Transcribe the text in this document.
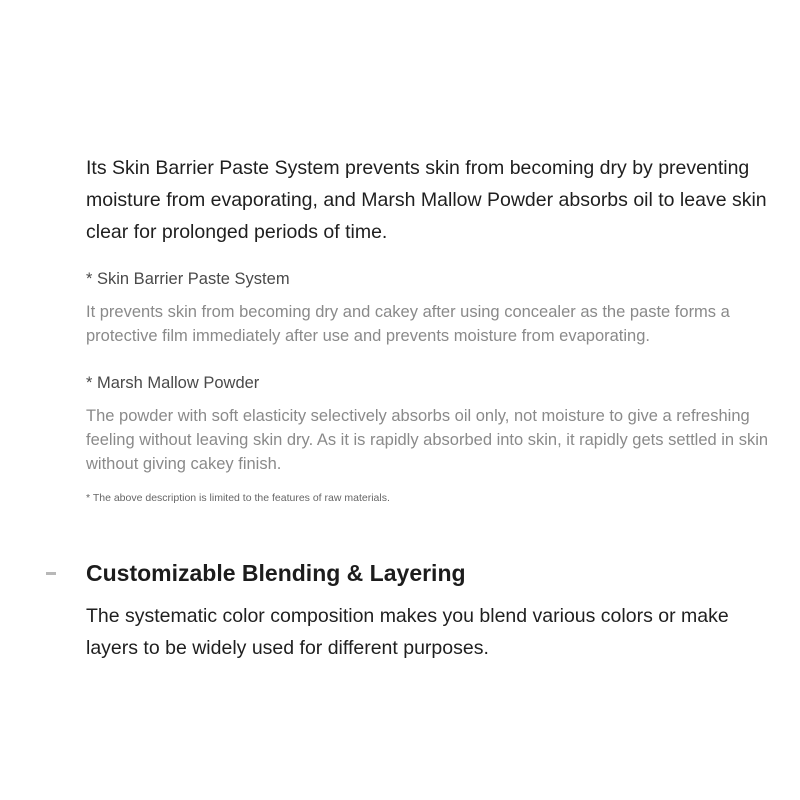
Its Skin Barrier Paste System prevents skin from becoming dry by preventing moisture from evaporating, and Marsh Mallow Powder absorbs oil to leave skin clear for prolonged periods of time.

* Skin Barrier Paste System

It prevents skin from becoming dry and cakey after using concealer as the paste forms a protective film immediately after use and prevents moisture from evaporating.

* Marsh Mallow Powder

The powder with soft elasticity selectively absorbs oil only, not moisture to give a refreshing feeling without leaving skin dry. As it is rapidly absorbed into skin, it rapidly gets settled in skin without giving cakey finish.

* The above description is limited to the features of raw materials.
Customizable Blending & Layering

The systematic color composition makes you blend various colors or make layers to be widely used for different purposes.
